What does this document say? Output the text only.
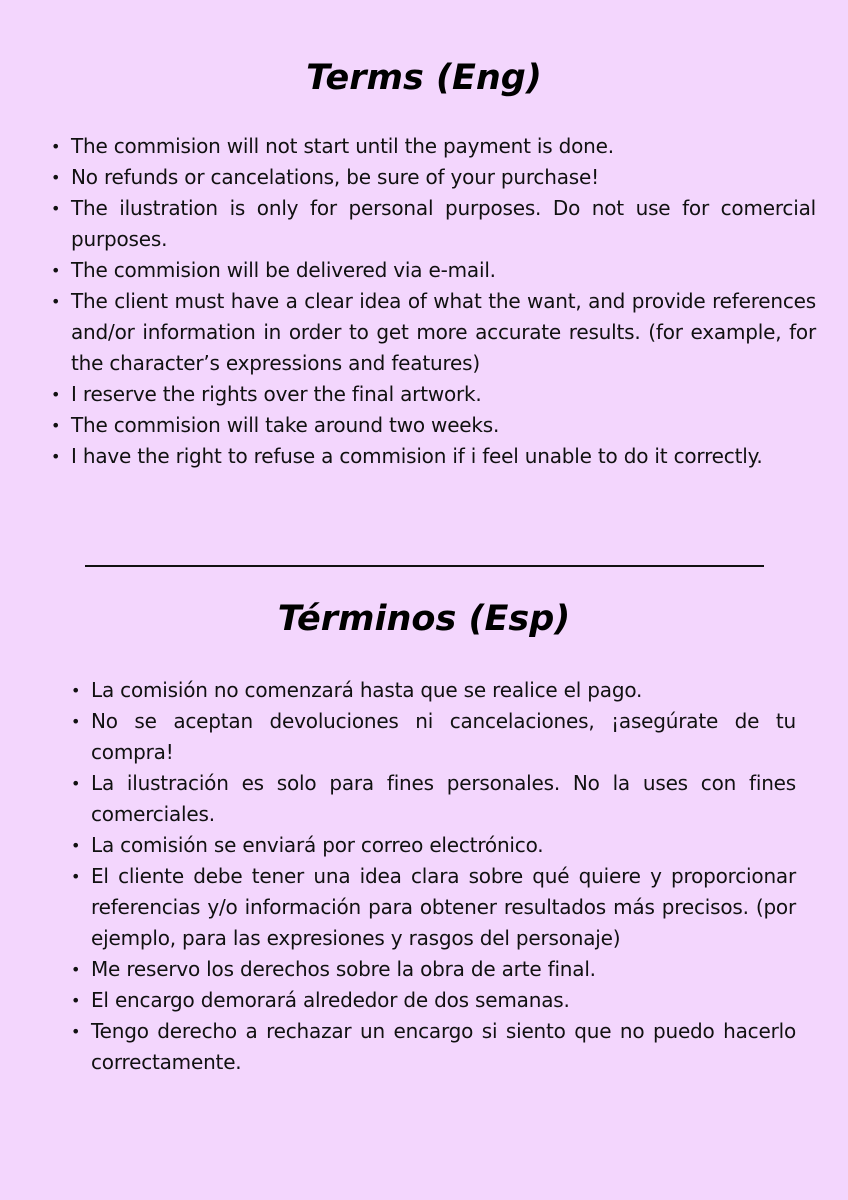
Terms (Eng)
• The commision will not start until the payment is done.
• No refunds or cancelations, be sure of your purchase!
• The ilustration is only for personal purposes. Do not use for comercial purposes.
• The commision will be delivered via e-mail.
• The client must have a clear idea of what the want, and provide references and/or information in order to get more accurate results. (for example, for the character’s expressions and features)
• I reserve the rights over the final artwork.
• The commision will take around two weeks.
• I have the right to refuse a commision if i feel unable to do it correctly.
Términos (Esp)
• La comisión no comenzará hasta que se realice el pago.
• No se aceptan devoluciones ni cancelaciones, ¡asegúrate de tu compra!
• La ilustración es solo para fines personales. No la uses con fines comerciales.
• La comisión se enviará por correo electrónico.
• El cliente debe tener una idea clara sobre qué quiere y proporcionar referencias y/o información para obtener resultados más precisos. (por ejemplo, para las expresiones y rasgos del personaje)
• Me reservo los derechos sobre la obra de arte final.
• El encargo demorará alrededor de dos semanas.
• Tengo derecho a rechazar un encargo si siento que no puedo hacerlo correctamente.
